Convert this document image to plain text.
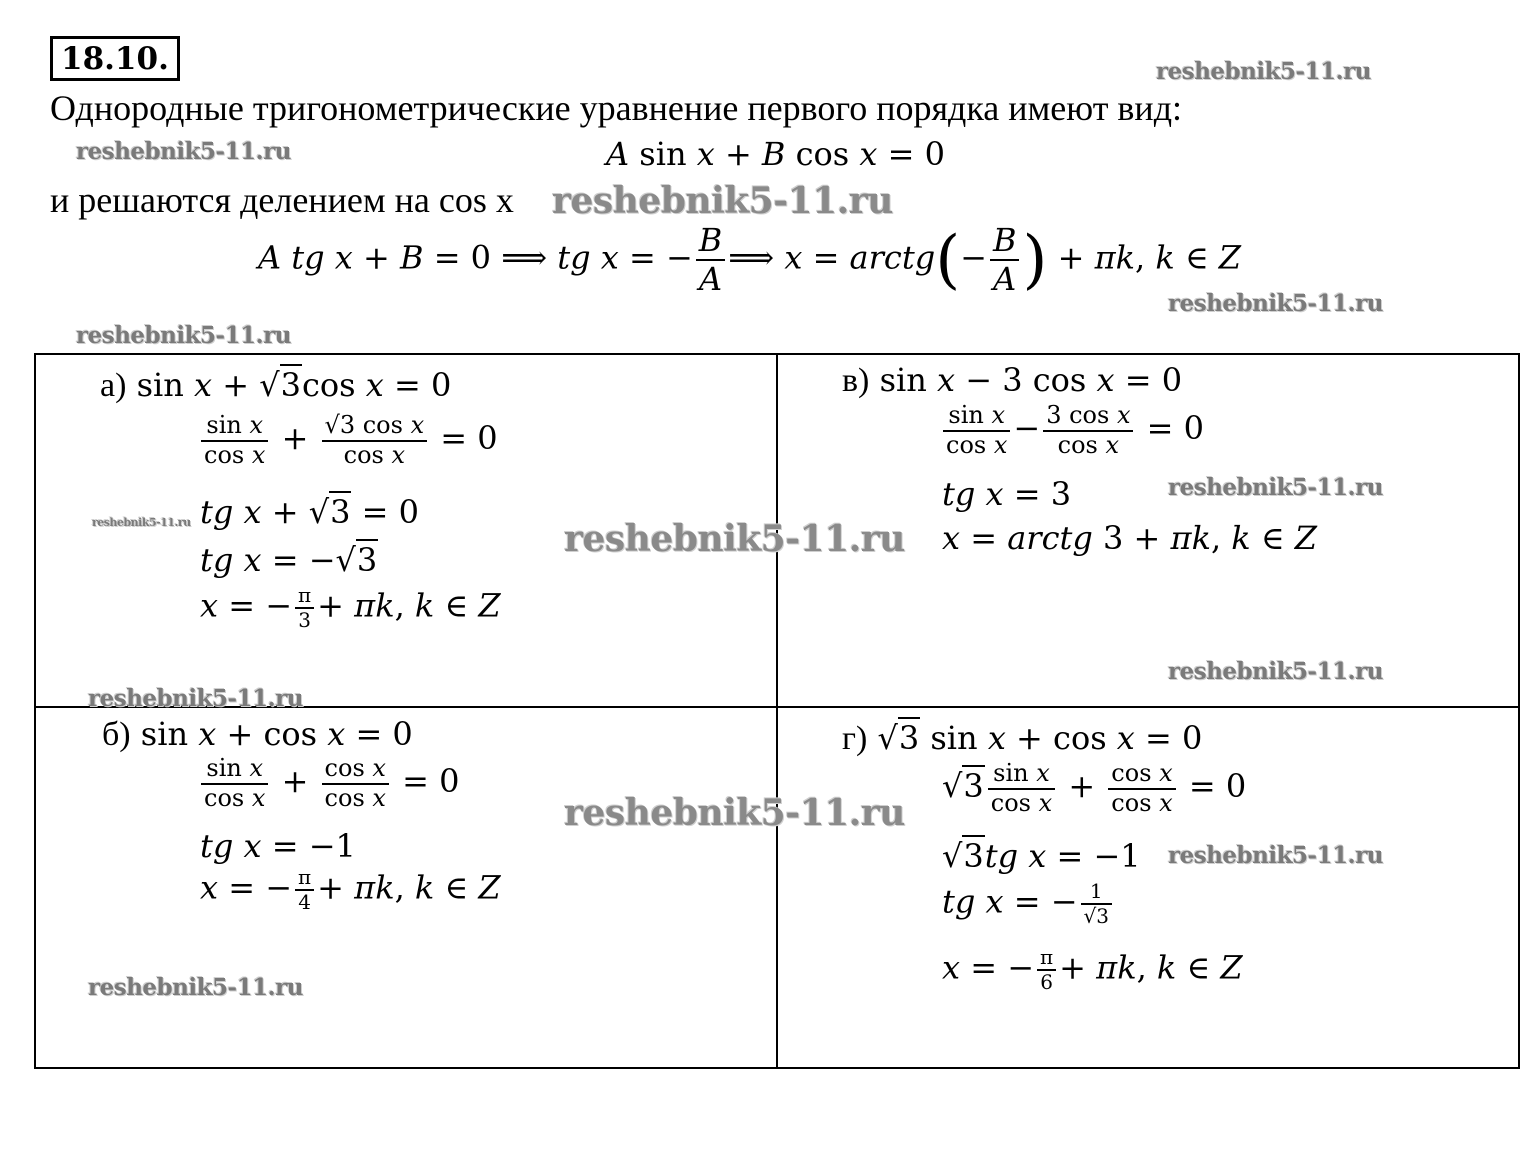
18.10.
Однородные тригонометрические уравнение первого порядка имеют вид:
A sin x + B cos x = 0
и решаются делением на cos x
A tg x + B = 0 ⟹ tg x = − $\frac{B}{A}$ ⟹ x = arctg(− $\frac{B}{A}$ ) + πk, k ∈ Z
reshebnik5-11.ru
reshebnik5-11.ru
reshebnik5-11.ru
reshebnik5-11.ru
reshebnik5-11.ru
а) sin x + √3cos x = 0
$\frac{\text{sin x}}{\text{cos x}} + \frac{\text{√3 cos x}}{\text{cos x}} = 0$
tg x + √3 = 0
tg x = −√3
x = − $\frac{\pi}{3} + \pi k$, k ∈ Z
reshebnik5-11.ru	reshebnik5-11.ru
reshebnik5-11.ru
в) sin x − 3 cos x = 0
$\frac{\text{sin x}}{\text{cos x}} - \frac{\text{3 cos x}}{\text{cos x}} = 0$
tg x = 3
x = arctg 3 + πk, k ∈ Z
reshebnik5-11.ru
reshebnik5-11.ru
б) sin x + cos x = 0
$\frac{\text{sin x}}{\text{cos x}} + \frac{\text{cos x}}{\text{cos x}} = 0$
tg x = −1
x = − $\frac{\pi}{4} + \pi k$, k ∈ Z
reshebnik5-11.ru
reshebnik5-11.ru
г) √3 sin x + cos x = 0
$√3 \frac{\text{sin x}}{\text{cos x}} + \frac{\text{cos x}}{\text{cos x}} = 0$
√3tg x = −1
tg x = − $\frac{1}{√3}$
x = − $\frac{\pi}{6} + \pi k$, k ∈ Z
reshebnik5-11.ru
